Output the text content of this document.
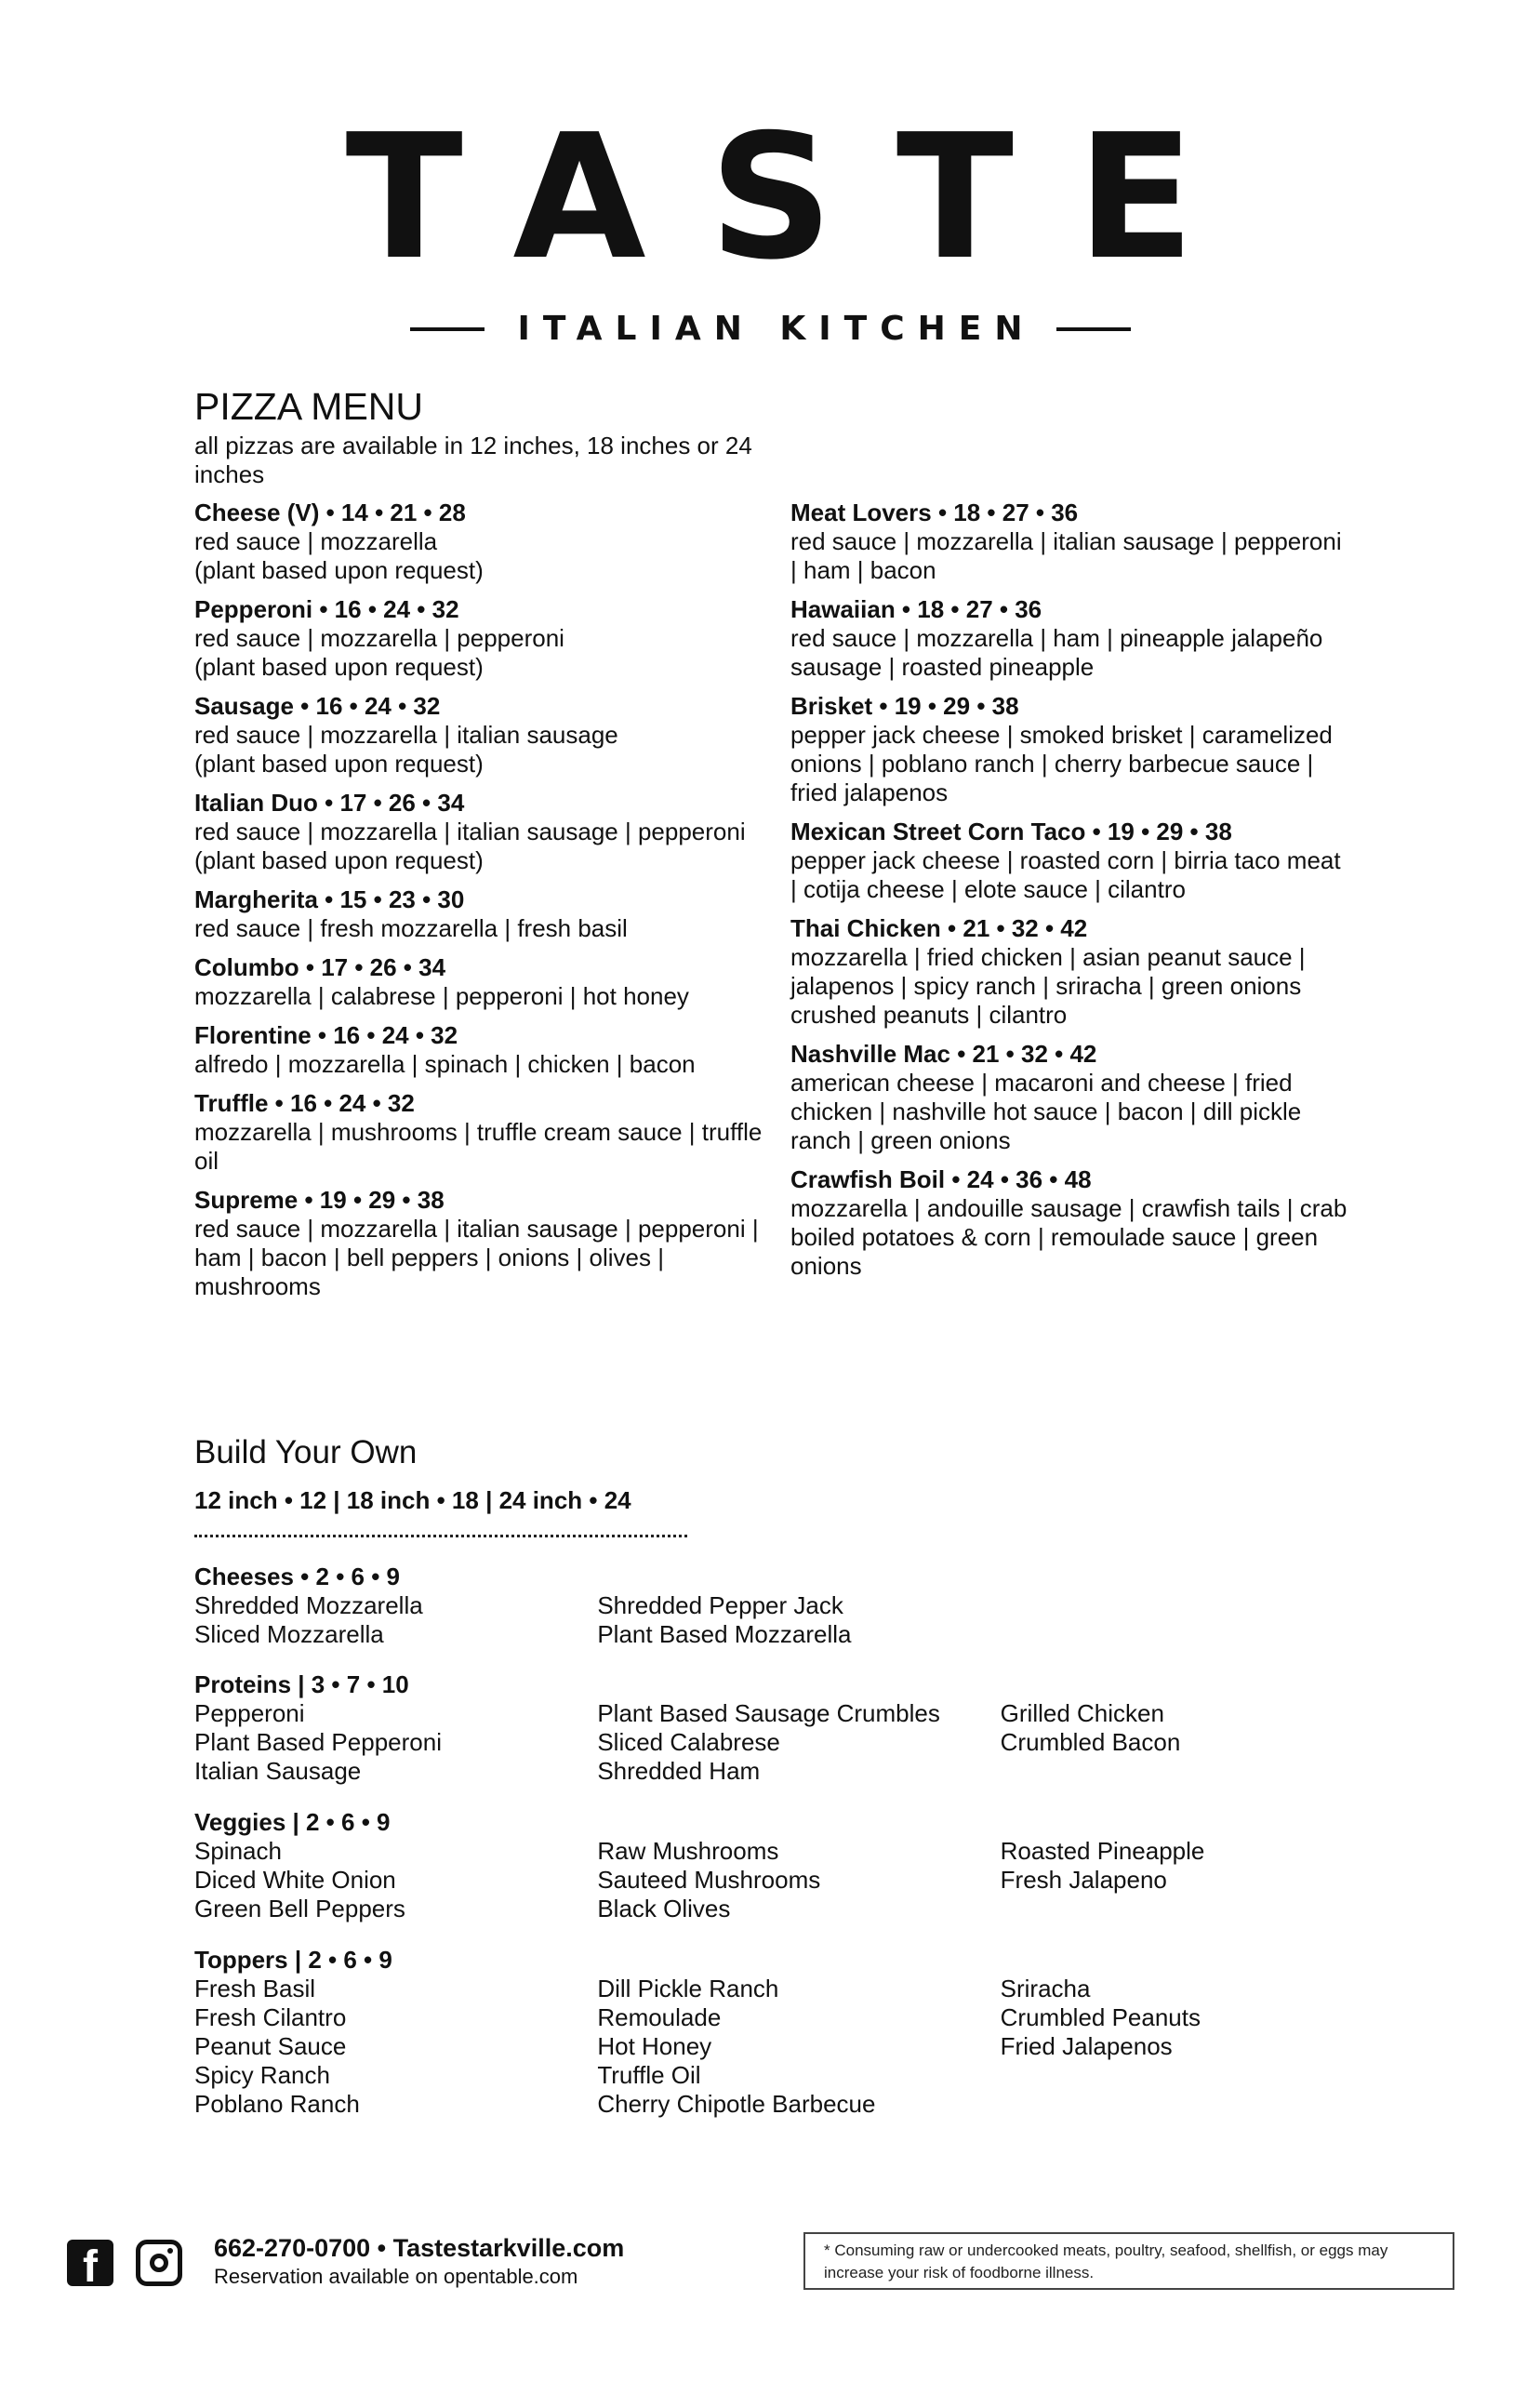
TASTE
ITALIAN KITCHEN
PIZZA MENU
all pizzas are available in 12 inches, 18 inches or 24 inches
Cheese (V) • 14 • 21 • 28
red sauce | mozzarella
(plant based upon request)
Pepperoni • 16 • 24 • 32
red sauce | mozzarella | pepperoni
(plant based upon request)
Sausage • 16 • 24 • 32
red sauce | mozzarella | italian sausage
(plant based upon request)
Italian Duo • 17 • 26 • 34
red sauce | mozzarella | italian sausage | pepperoni
(plant based upon request)
Margherita • 15 • 23 • 30
red sauce | fresh mozzarella | fresh basil
Columbo • 17 • 26 • 34
mozzarella | calabrese | pepperoni | hot honey
Florentine • 16 • 24 • 32
alfredo | mozzarella | spinach | chicken | bacon
Truffle • 16 • 24 • 32
mozzarella | mushrooms | truffle cream sauce | truffle oil
Supreme • 19 • 29 • 38
red sauce | mozzarella | italian sausage | pepperoni | ham | bacon | bell peppers | onions | olives | mushrooms
Meat Lovers • 18 • 27 • 36
red sauce | mozzarella | italian sausage | pepperoni | ham | bacon
Hawaiian • 18 • 27 • 36
red sauce | mozzarella | ham | pineapple jalapeño sausage | roasted pineapple
Brisket • 19 • 29 • 38
pepper jack cheese | smoked brisket | caramelized onions | poblano ranch | cherry barbecue sauce | fried jalapenos
Mexican Street Corn Taco • 19 • 29 • 38
pepper jack cheese | roasted corn | birria taco meat | cotija cheese | elote sauce | cilantro
Thai Chicken • 21 • 32 • 42
mozzarella | fried chicken | asian peanut sauce | jalapenos | spicy ranch | sriracha | green onions crushed peanuts | cilantro
Nashville Mac • 21 • 32 • 42
american cheese | macaroni and cheese | fried chicken | nashville hot sauce | bacon | dill pickle ranch | green onions
Crawfish Boil • 24 • 36 • 48
mozzarella | andouille sausage | crawfish tails | crab boiled potatoes & corn | remoulade sauce | green onions
Build Your Own
12 inch • 12 | 18 inch • 18 | 24 inch • 24
Cheeses • 2 • 6 • 9
Shredded Mozzarella
Sliced Mozzarella
Shredded Pepper Jack
Plant Based Mozzarella
Proteins | 3 • 7 • 10
Pepperoni
Plant Based Pepperoni
Italian Sausage
Plant Based Sausage Crumbles
Sliced Calabrese
Shredded Ham
Grilled Chicken
Crumbled Bacon
Veggies | 2 • 6 • 9
Spinach
Diced White Onion
Green Bell Peppers
Raw Mushrooms
Sauteed Mushrooms
Black Olives
Roasted Pineapple
Fresh Jalapeno
Toppers | 2 • 6 • 9
Fresh Basil
Fresh Cilantro
Peanut Sauce
Spicy Ranch
Poblano Ranch
Dill Pickle Ranch
Remoulade
Hot Honey
Truffle Oil
Cherry Chipotle Barbecue
Sriracha
Crumbled Peanuts
Fried Jalapenos
f	662-270-0700 • Tastestarkville.com
Reservation available on opentable.com
* Consuming raw or undercooked meats, poultry, seafood, shellfish, or eggs may increase your risk of foodborne illness.
